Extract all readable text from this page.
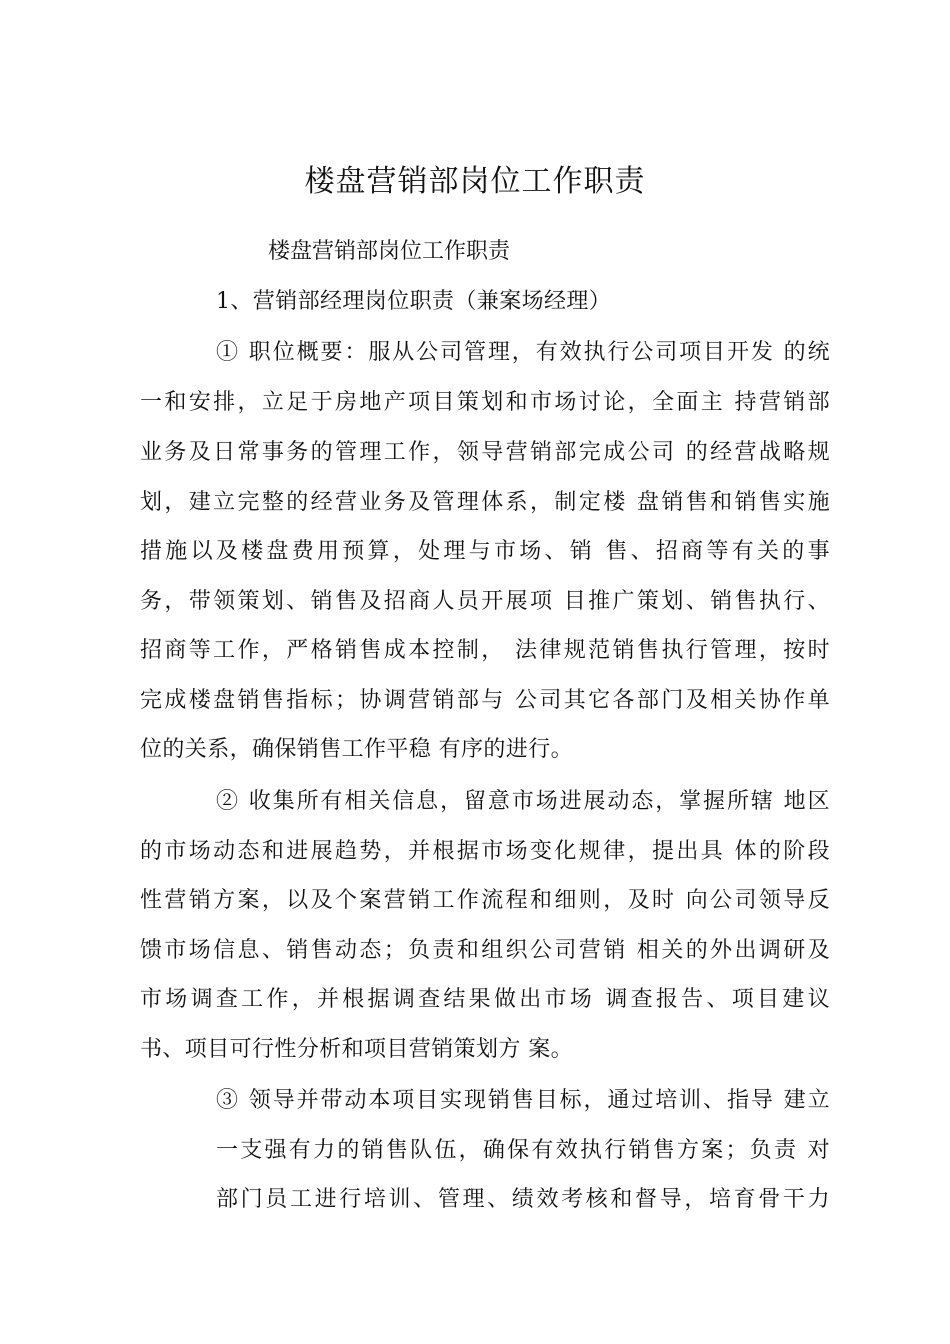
楼盘营销部岗位工作职责

楼盘营销部岗位工作职责

1、营销部经理岗位职责（兼案场经理）

① 职位概要：服从公司管理，有效执行公司项目开发 的统

一和安排，立足于房地产项目策划和市场讨论，全面主 持营销部

业务及日常事务的管理工作，领导营销部完成公司 的经营战略规

划，建立完整的经营业务及管理体系，制定楼 盘销售和销售实施

措施以及楼盘费用预算，处理与市场、销 售、招商等有关的事

务，带领策划、销售及招商人员开展项 目推广策划、销售执行、

招商等工作，严格销售成本控制， 法律规范销售执行管理，按时

完成楼盘销售指标；协调营销部与 公司其它各部门及相关协作单

位的关系，确保销售工作平稳 有序的进行。

② 收集所有相关信息，留意市场进展动态，掌握所辖 地区

的市场动态和进展趋势，并根据市场变化规律，提出具 体的阶段

性营销方案，以及个案营销工作流程和细则，及时 向公司领导反

馈市场信息、销售动态；负责和组织公司营销 相关的外出调研及

市场调查工作，并根据调查结果做出市场 调查报告、项目建议

书、项目可行性分析和项目营销策划方 案。

③ 领导并带动本项目实现销售目标，通过培训、指导 建立

一支强有力的销售队伍，确保有效执行销售方案；负责 对

部门员工进行培训、管理、绩效考核和督导，培育骨干力
